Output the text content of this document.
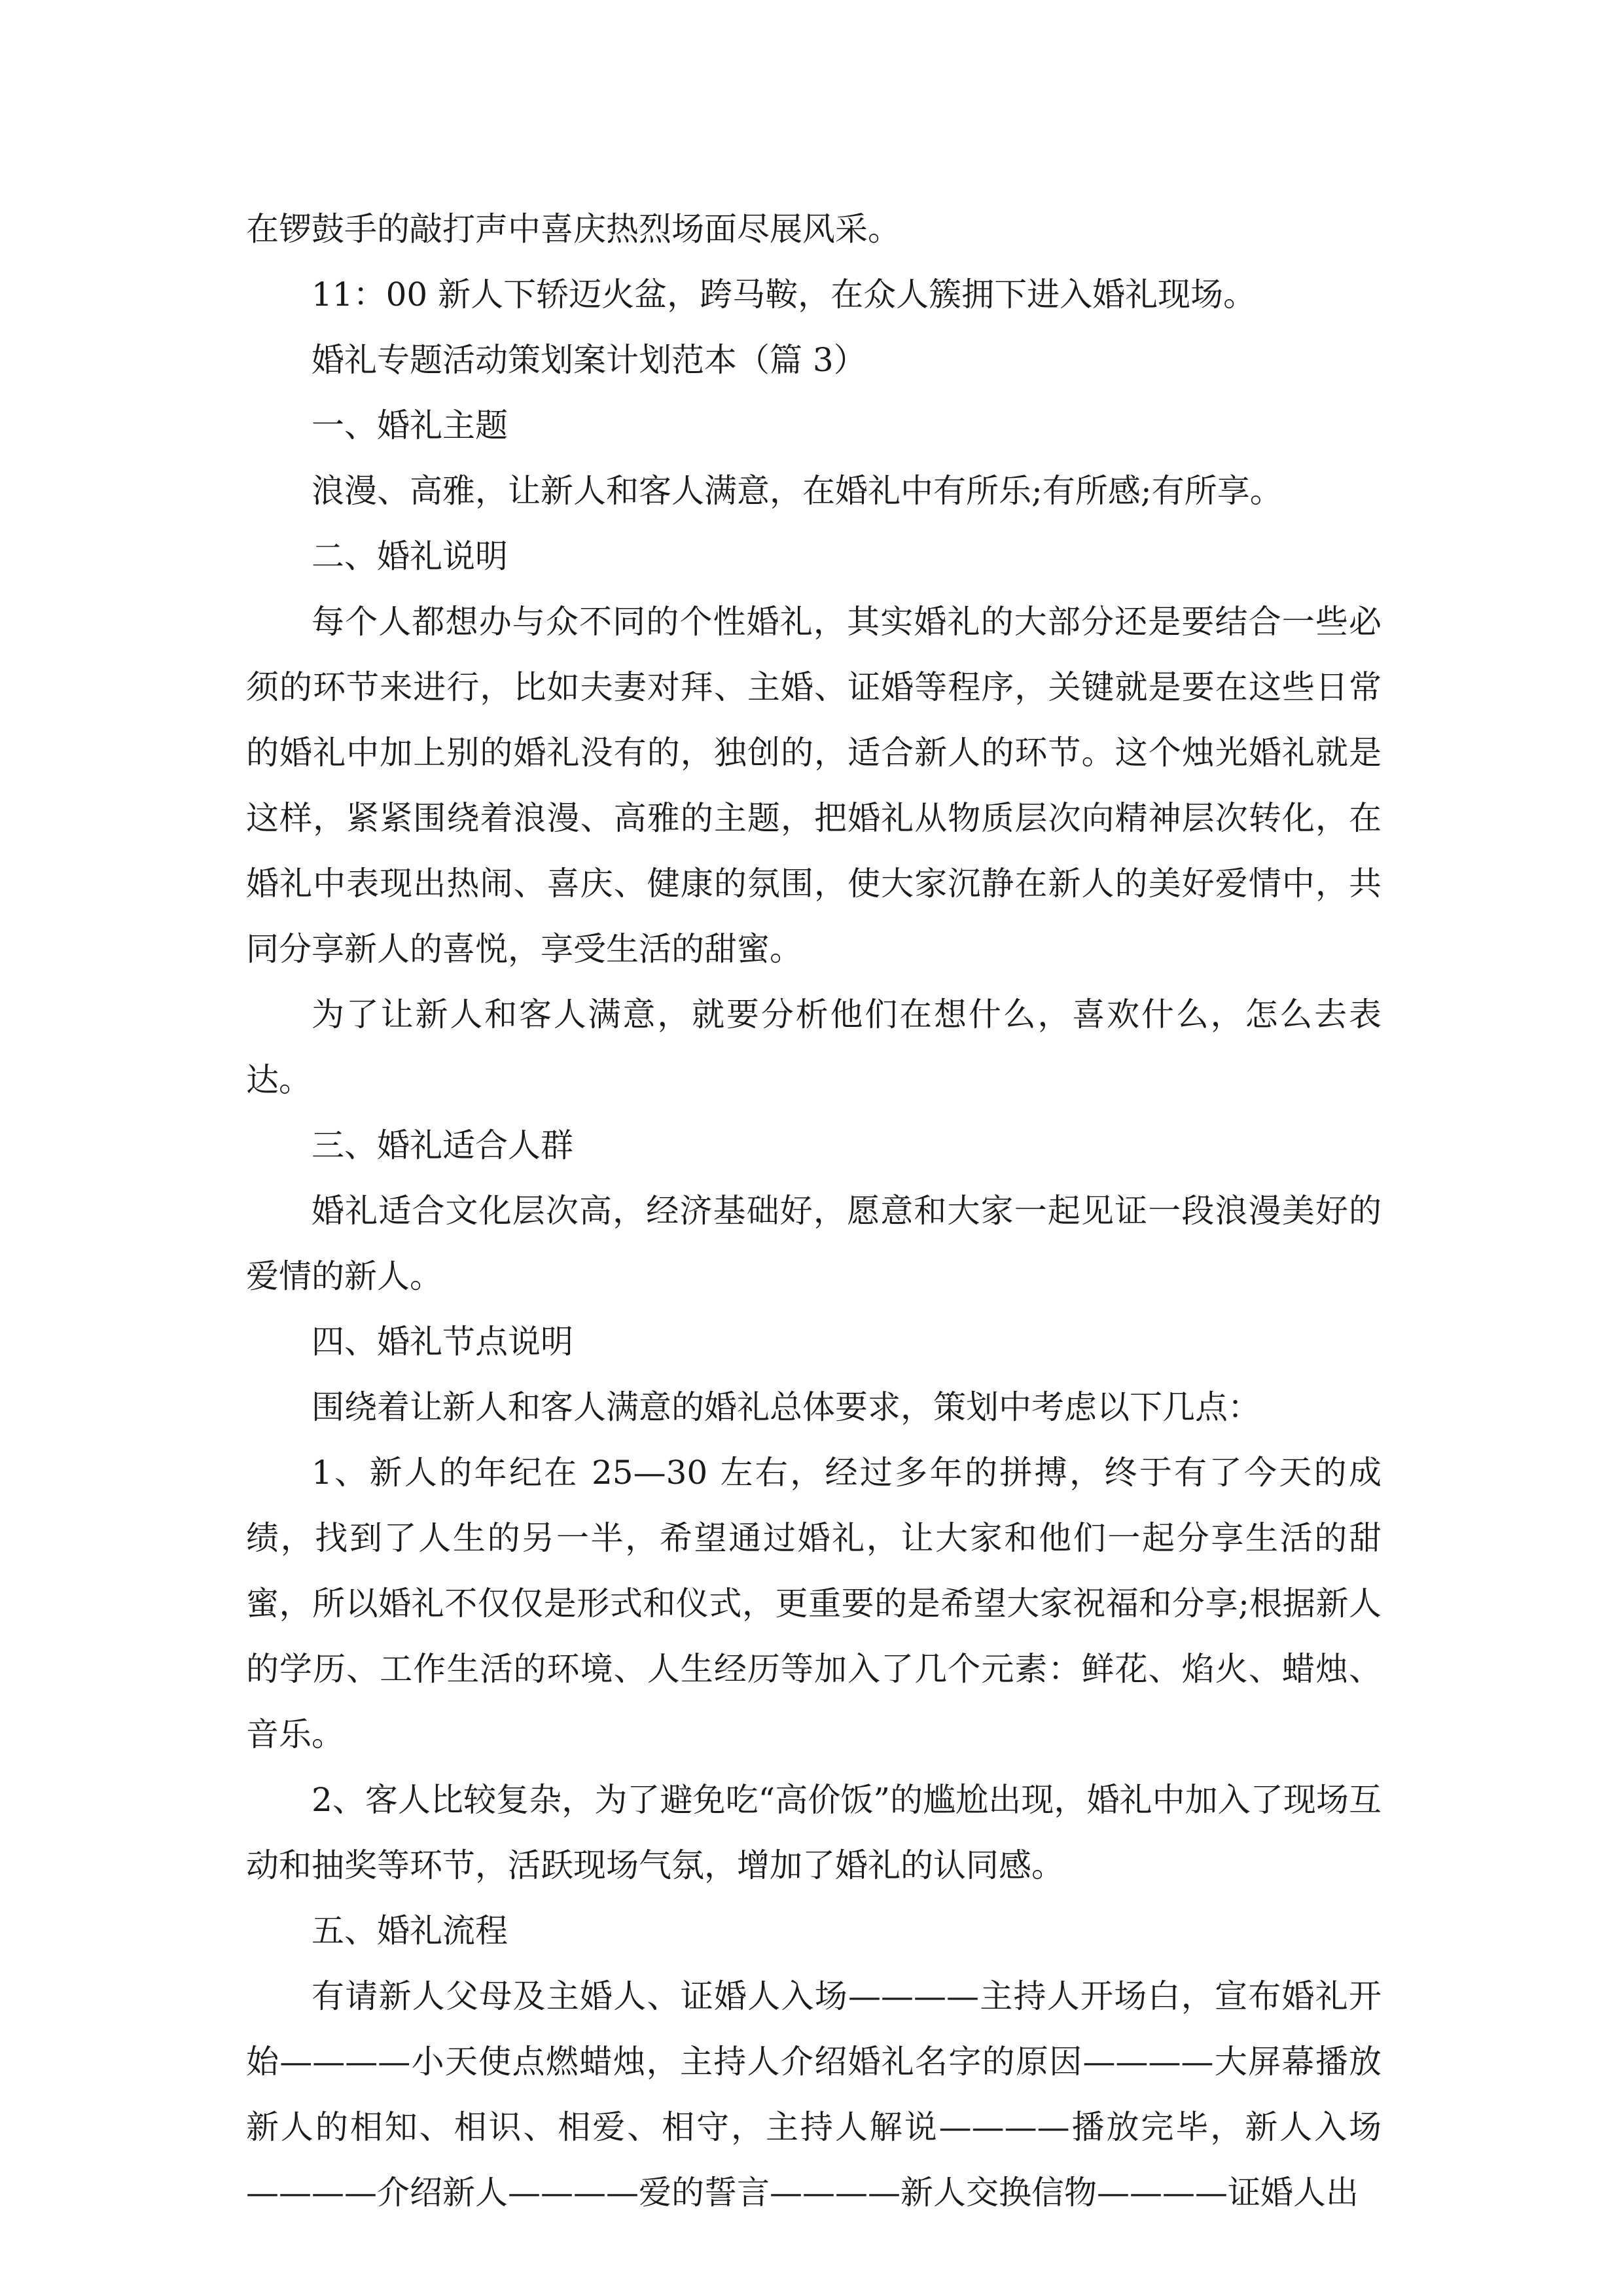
在锣鼓手的敲打声中喜庆热烈场面尽展风采。

11：00 新人下轿迈火盆，跨马鞍，在众人簇拥下进入婚礼现场。

婚礼专题活动策划案计划范本（篇 3）

一、婚礼主题

浪漫、高雅，让新人和客人满意，在婚礼中有所乐;有所感;有所享。

二、婚礼说明

每个人都想办与众不同的个性婚礼，其实婚礼的大部分还是要结合一些必须的环节来进行，比如夫妻对拜、主婚、证婚等程序，关键就是要在这些日常的婚礼中加上别的婚礼没有的，独创的，适合新人的环节。这个烛光婚礼就是这样，紧紧围绕着浪漫、高雅的主题，把婚礼从物质层次向精神层次转化，在婚礼中表现出热闹、喜庆、健康的氛围，使大家沉静在新人的美好爱情中，共同分享新人的喜悦，享受生活的甜蜜。

为了让新人和客人满意，就要分析他们在想什么，喜欢什么，怎么去表达。

三、婚礼适合人群

婚礼适合文化层次高，经济基础好，愿意和大家一起见证一段浪漫美好的爱情的新人。

四、婚礼节点说明

围绕着让新人和客人满意的婚礼总体要求，策划中考虑以下几点：

1、新人的年纪在 25—30 左右，经过多年的拼搏，终于有了今天的成绩，找到了人生的另一半，希望通过婚礼，让大家和他们一起分享生活的甜蜜，所以婚礼不仅仅是形式和仪式，更重要的是希望大家祝福和分享;根据新人的学历、工作生活的环境、人生经历等加入了几个元素：鲜花、焰火、蜡烛、音乐。

2、客人比较复杂，为了避免吃“高价饭”的尴尬出现，婚礼中加入了现场互动和抽奖等环节，活跃现场气氛，增加了婚礼的认同感。

五、婚礼流程

有请新人父母及主婚人、证婚人入场————主持人开场白，宣布婚礼开始————小天使点燃蜡烛，主持人介绍婚礼名字的原因————大屏幕播放新人的相知、相识、相爱、相守，主持人解说————播放完毕，新人入场————介绍新人————爱的誓言————新人交换信物————证婚人出
